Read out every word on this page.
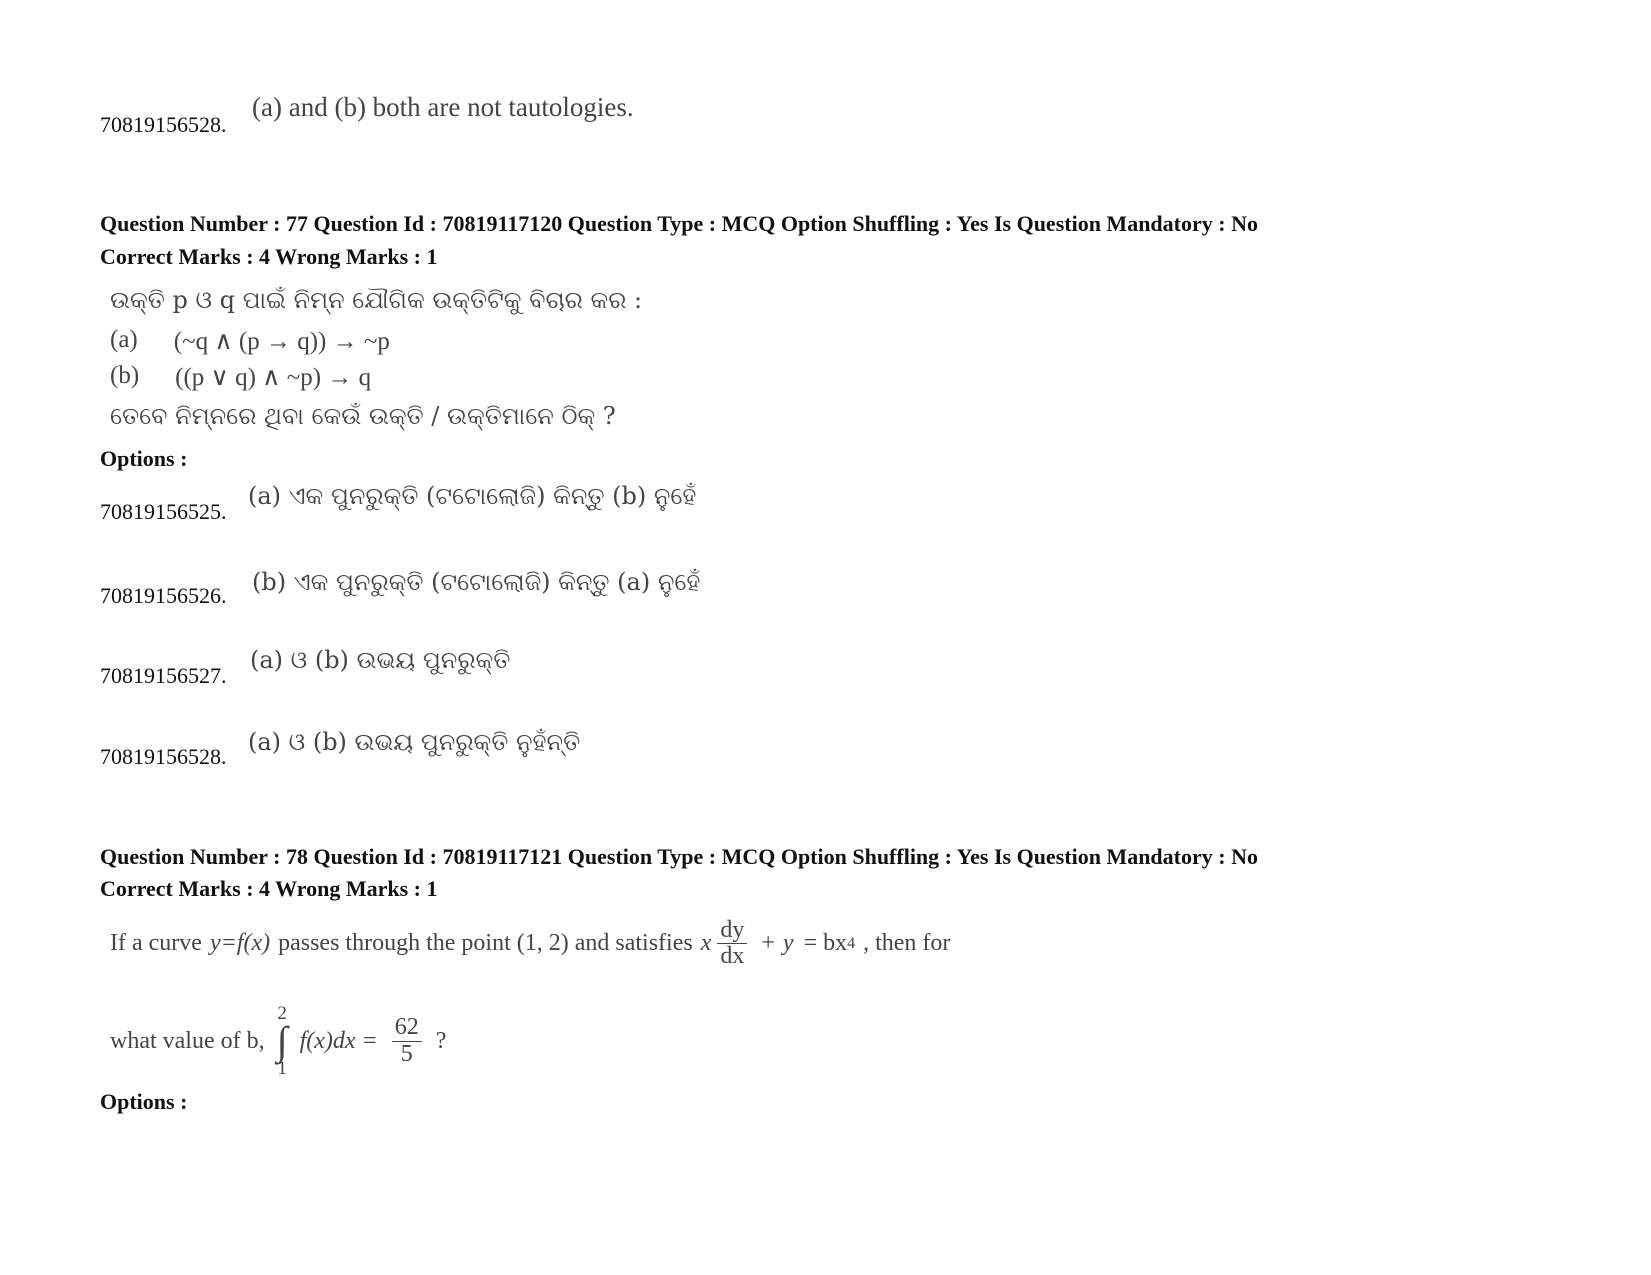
70819156528.
(a) and (b) both are not tautologies.
Question Number : 77 Question Id : 70819117120 Question Type : MCQ Option Shuffling : Yes Is Question Mandatory : No
Correct Marks : 4 Wrong Marks : 1
ଉକ୍ତି p ଓ q ପାଇଁ ନିମ୍ନ ଯୌଗିକ ଉକ୍ତିଟିକୁ ବିଚାର କର :
(a) (~q ∧ (p → q)) → ~p
(b) ((p ∨ q) ∧ ~p) → q
ତେବେ ନିମ୍ନରେ ଥିବା କେଉଁ ଉକ୍ତି / ଉକ୍ତିମାନେ ଠିକ୍ ?
Options :
70819156525.
(a) ଏକ ପୁନରୁକ୍ତି (ଟଟୋଲୋଜି) କିନ୍ତୁ (b) ନୁହେଁ
70819156526. (b) ଏକ ପୁନରୁକ୍ତି (ଟଟୋଲୋଜି) କିନ୍ତୁ (a) ନୁହେଁ
70819156527.
(a) ଓ (b) ଉଭୟ ପୁନରୁକ୍ତି
70819156528.
(a) ଓ (b) ଉଭୟ ପୁନରୁକ୍ତି ନୁହଁନ୍ତି
Question Number : 78 Question Id : 70819117121 Question Type : MCQ Option Shuffling : Yes Is Question Mandatory : No
Correct Marks : 4 Wrong Marks : 1
If a curve y=f(x) passes through the point (1, 2) and satisfies x $\frac{dy}{dx} + y$ = bx 4 , then for
what value of b,
2
∫
1
$f(x)dx = \frac{62}{5}$ ?
Options :
